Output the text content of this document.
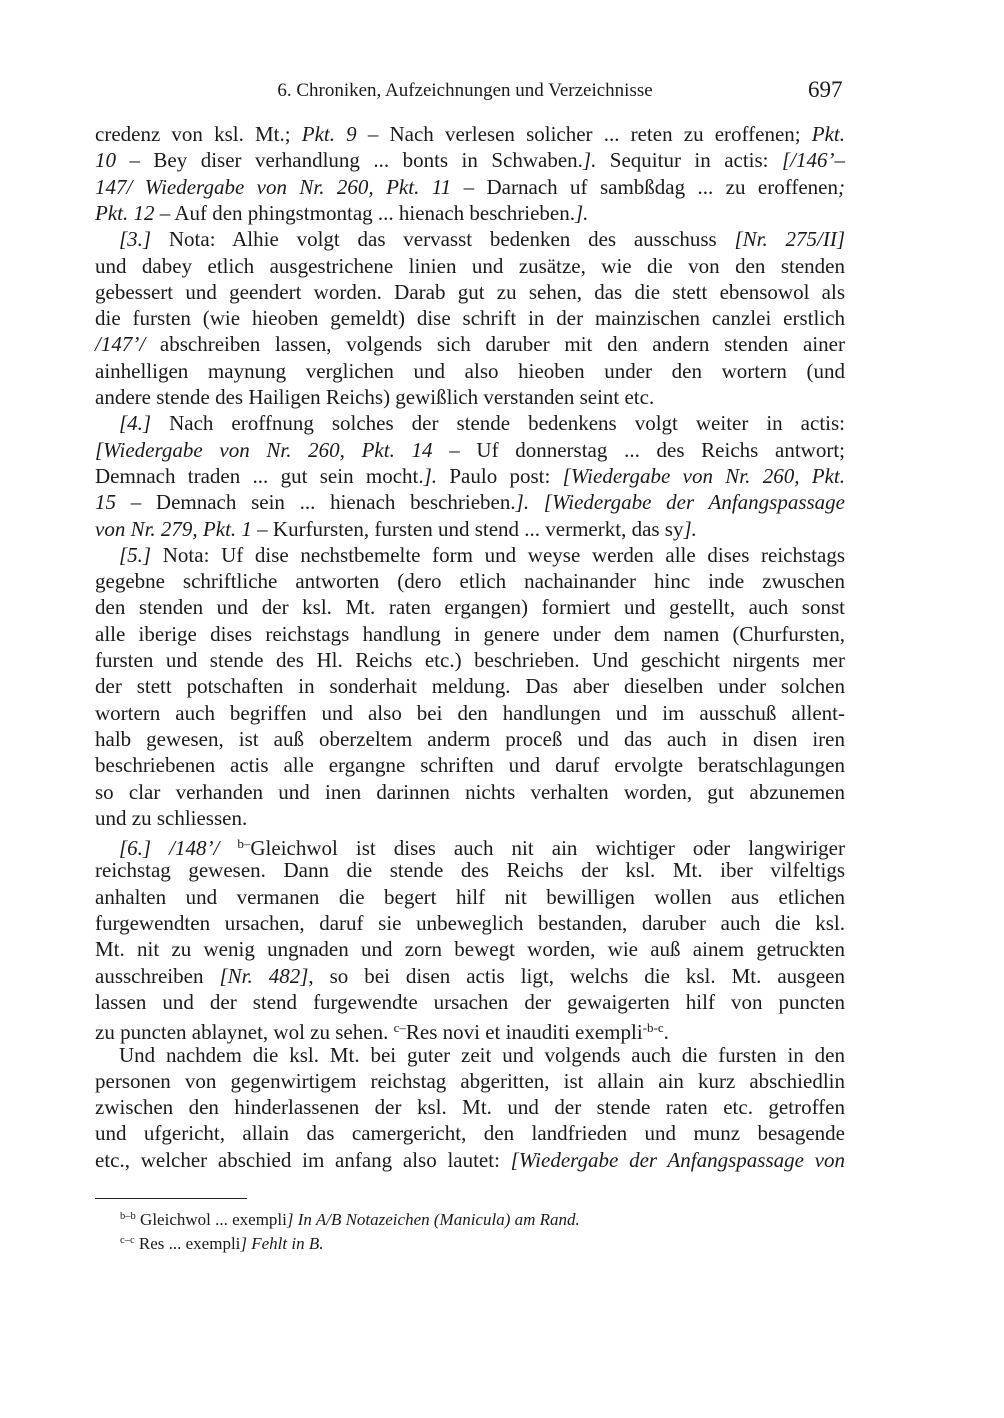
6. Chroniken, Aufzeichnungen und Verzeichnisse	697
credenz von ksl. Mt.; Pkt. 9 – Nach verlesen solicher ... reten zu eroffenen; Pkt.
10 – Bey diser verhandlung ... bonts in Schwaben.]. Sequitur in actis: [/146’–
147/ Wiedergabe von Nr. 260, Pkt. 11 – Darnach uf sambßdag ... zu eroffenen;
Pkt. 12 – Auf den phingstmontag ... hienach beschrieben.].
[3.] Nota: Alhie volgt das vervasst bedenken des ausschuss [Nr. 275/II]
und dabey etlich ausgestrichene linien und zusätze, wie die von den stenden
gebessert und geendert worden. Darab gut zu sehen, das die stett ebensowol als
die fursten (wie hieoben gemeldt) dise schrift in der mainzischen canzlei erstlich
/147’/ abschreiben lassen, volgends sich daruber mit den andern stenden ainer
ainhelligen maynung verglichen und also hieoben under den wortern (und
andere stende des Hailigen Reichs) gewißlich verstanden seint etc.
[4.] Nach eroffnung solches der stende bedenkens volgt weiter in actis:
[Wiedergabe von Nr. 260, Pkt. 14 – Uf donnerstag ... des Reichs antwort;
Demnach traden ... gut sein mocht.]. Paulo post: [Wiedergabe von Nr. 260, Pkt.
15 – Demnach sein ... hienach beschrieben.]. [Wiedergabe der Anfangspassage
von Nr. 279, Pkt. 1 – Kurfursten, fursten und stend ... vermerkt, das sy].
[5.] Nota: Uf dise nechstbemelte form und weyse werden alle dises reichstags
gegebne schriftliche antworten (dero etlich nachainander hinc inde zwuschen
den stenden und der ksl. Mt. raten ergangen) formiert und gestellt, auch sonst
alle iberige dises reichstags handlung in genere under dem namen (Churfursten,
fursten und stende des Hl. Reichs etc.) beschrieben. Und geschicht nirgents mer
der stett potschaften in sonderhait meldung. Das aber dieselben under solchen
wortern auch begriffen und also bei den handlungen und im ausschuß allent-
halb gewesen, ist auß oberzeltem anderm proceß und das auch in disen iren
beschriebenen actis alle ergangne schriften und daruf ervolgte beratschlagungen
so clar verhanden und inen darinnen nichts verhalten worden, gut abzunemen
und zu schliessen.
[6.] /148’/ $^{b-}$Gleichwol ist dises auch nit ain wichtiger oder langwiriger
reichstag gewesen. Dann die stende des Reichs der ksl. Mt. iber vilfeltigs
anhalten und vermanen die begert hilf nit bewilligen wollen aus etlichen
furgewendten ursachen, daruf sie unbeweglich bestanden, daruber auch die ksl.
Mt. nit zu wenig ungnaden und zorn bewegt worden, wie auß ainem getruckten
ausschreiben [Nr. 482], so bei disen actis ligt, welchs die ksl. Mt. ausgeen
lassen und der stend furgewendte ursachen der gewaigerten hilf von puncten
zu puncten ablaynet, wol zu sehen. $^{c-}$Res novi et inauditi exempli$^{-b-c}$.
Und nachdem die ksl. Mt. bei guter zeit und volgends auch die fursten in den
personen von gegenwirtigem reichstag abgeritten, ist allain ain kurz abschiedlin
zwischen den hinderlassenen der ksl. Mt. und der stende raten etc. getroffen
und ufgericht, allain das camergericht, den landfrieden und munz besagende
etc., welcher abschied im anfang also lautet: [Wiedergabe der Anfangspassage von
$^{b-b}$ Gleichwol ... exempli] In A/B Notazeichen (Manicula) am Rand.
$^{c-c}$ Res ... exempli] Fehlt in B.
